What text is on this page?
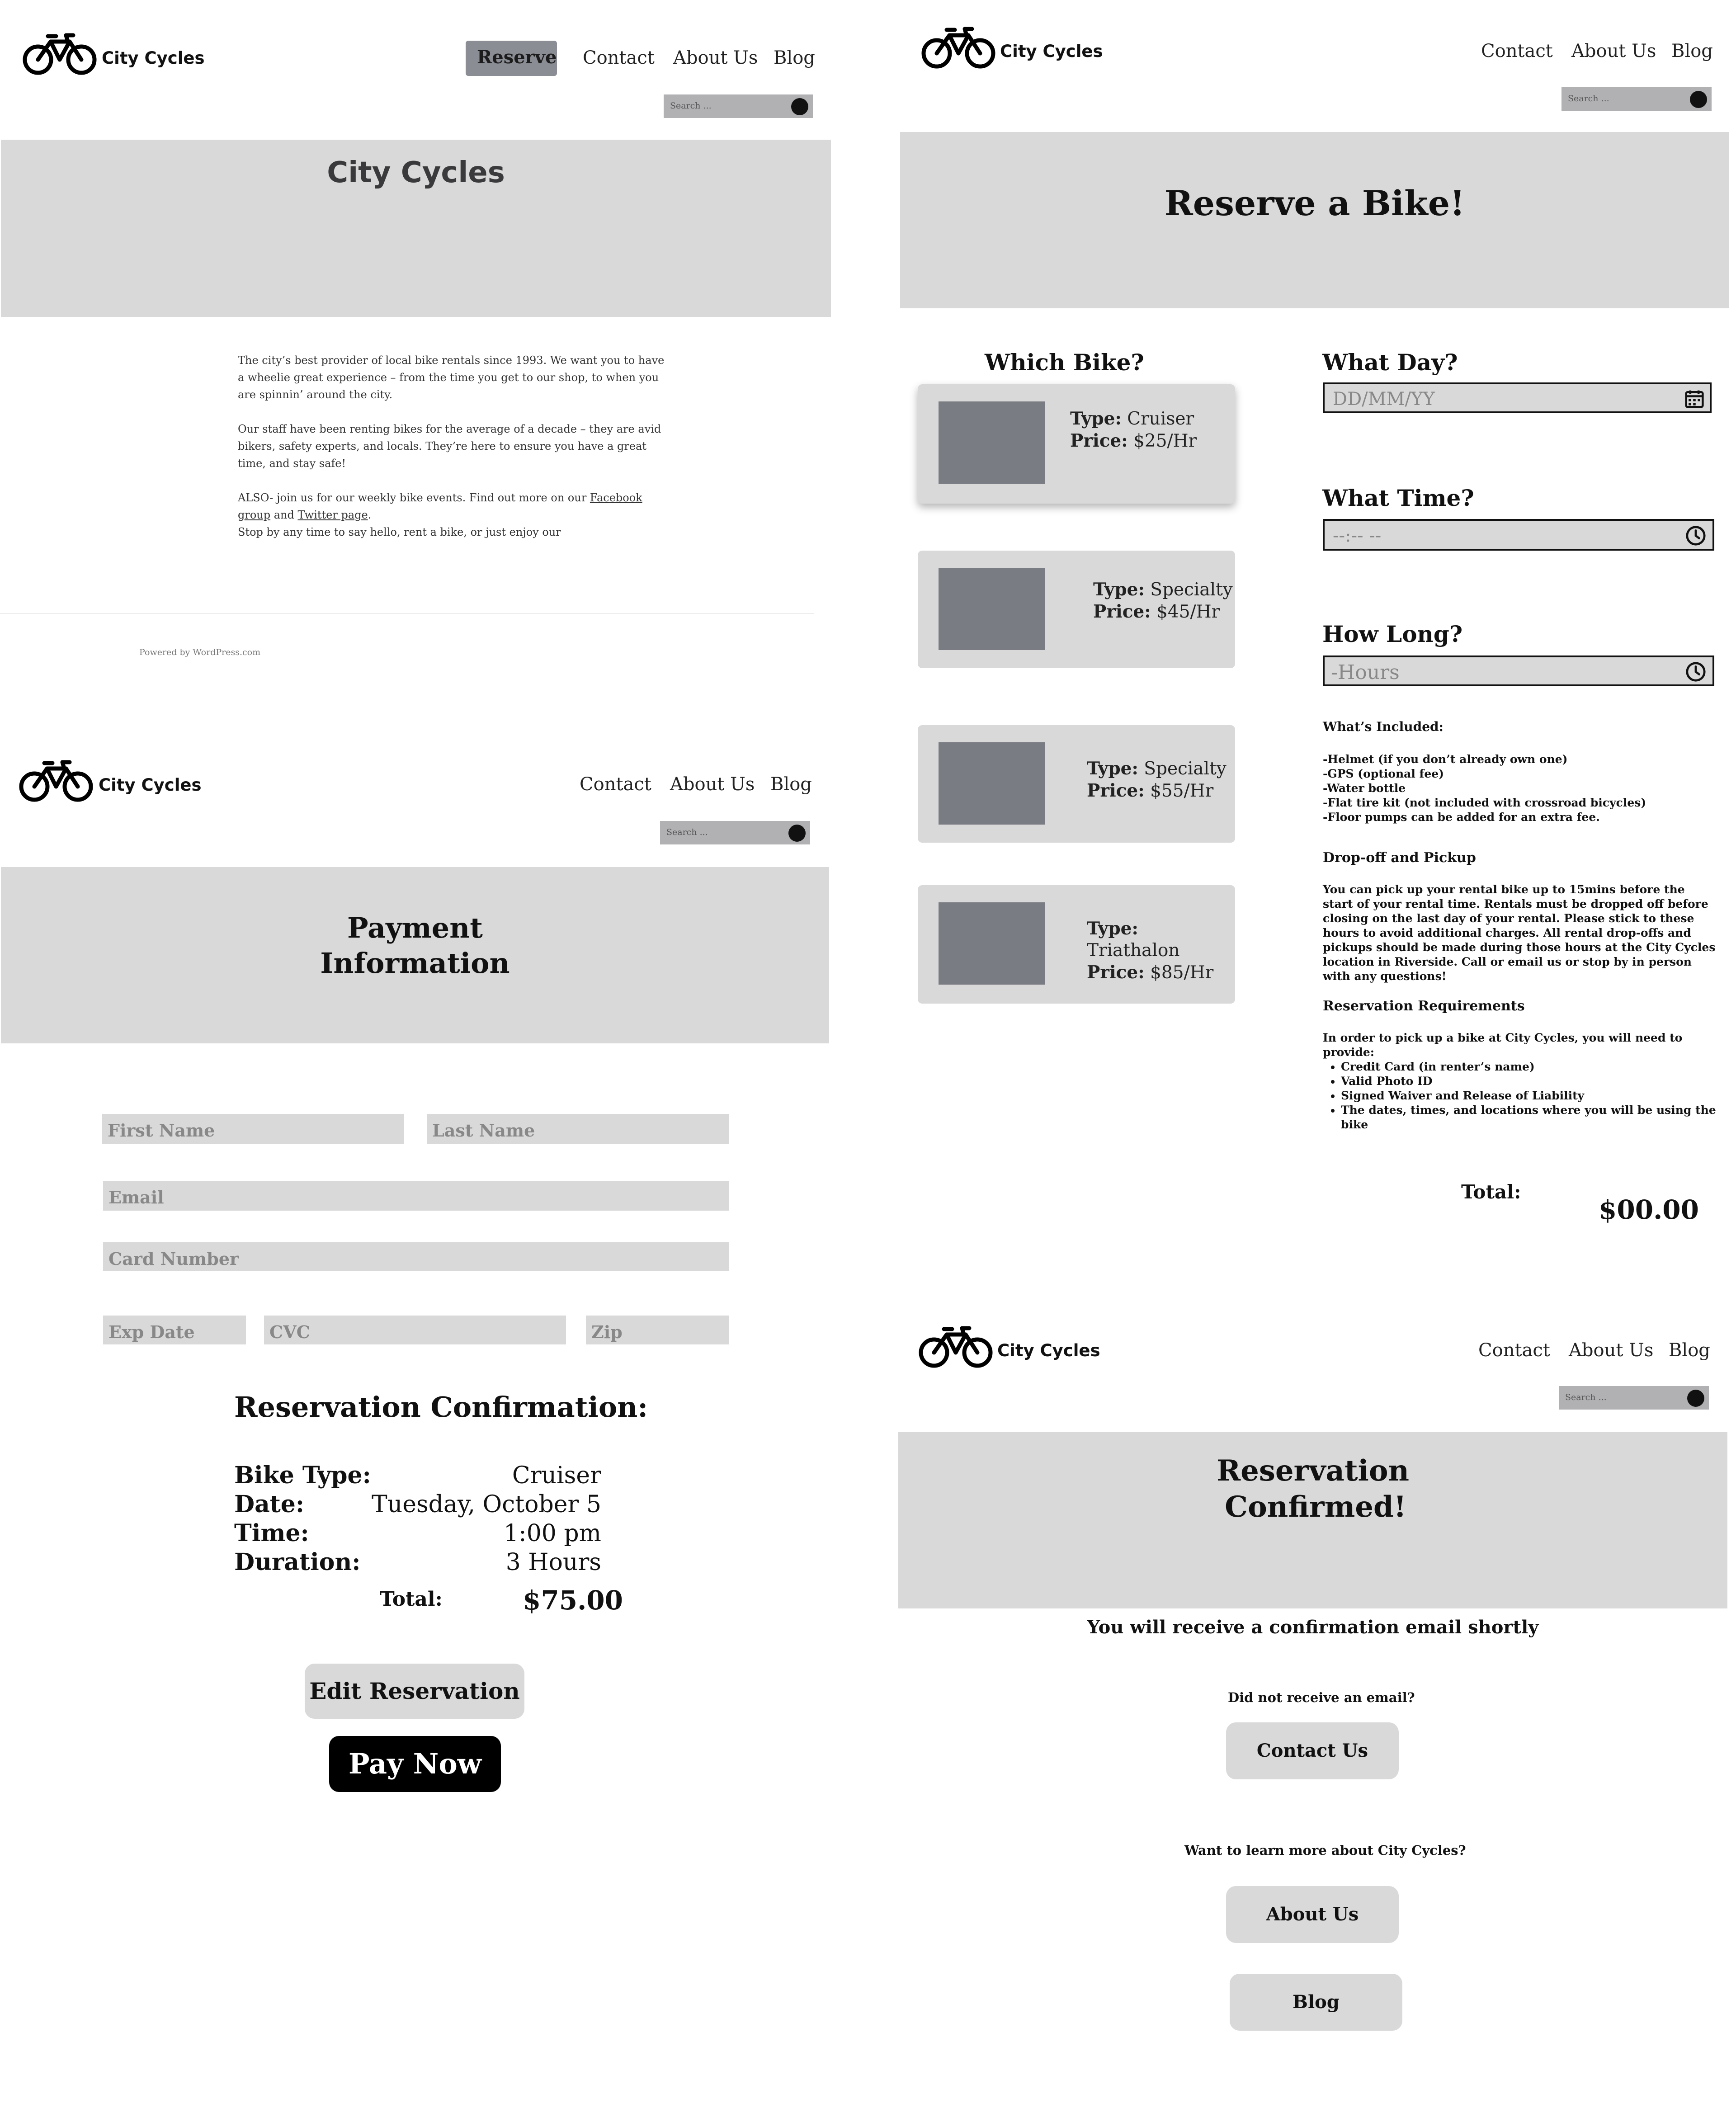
City Cycles	Reserve Contact About Us Blog
Search ...
City Cycles

The city’s best provider of local bike rentals since 1993. We want you to have a wheelie great experience – from the time you get to our shop, to when you are spinnin’ around the city.

Our staff have been renting bikes for the average of a decade – they are avid bikers, safety experts, and locals. They’re here to ensure you have a great time, and stay safe!

ALSO- join us for our weekly bike events. Find out more on our Facebook group and Twitter page.

Stop by any time to say hello, rent a bike, or just enjoy our

Powered by WordPress.com
City Cycles	Contact About Us Blog
Search ...
Reserve a Bike!
Which Bike?
Type: Cruiser
Price: $25/Hr
Type: Specialty
Price: $45/Hr
Type: Specialty
Price: $55/Hr
Type: Triathalon
Price: $85/Hr
What Day?
DD/MM/YY
What Time?
--:-- --
How Long?
-Hours
What’s Included:
-Helmet (if you don’t already own one)
-GPS (optional fee)
-Water bottle
-Flat tire kit (not included with crossroad bicycles)
-Floor pumps can be added for an extra fee.
Drop-off and Pickup
You can pick up your rental bike up to 15mins before the start of your rental time. Rentals must be dropped off before closing on the last day of your rental. Please stick to these hours to avoid additional charges. All rental drop-offs and pickups should be made during those hours at the City Cycles location in Riverside. Call or email us or stop by in person with any questions!
Reservation Requirements
In order to pick up a bike at City Cycles, you will need to provide:
• Credit Card (in renter’s name)
• Valid Photo ID
• Signed Waiver and Release of Liability
• The dates, times, and locations where you will be using the bike
Total:
$00.00
City Cycles	Contact About Us Blog
Search ...
Payment Information
First Name	Last Name
Email
Card Number
Exp Date	CVC	Zip
Reservation Confirmation:
Bike Type:	Cruiser
Date:	Tuesday, October 5
Time:	1:00 pm
Duration:	3 Hours
Total:	$75.00
Edit Reservation
Pay Now
City Cycles	Contact About Us Blog
Search ...
Reservation
Confirmed!
You will receive a confirmation email shortly
Did not receive an email?
Contact Us
Want to learn more about City Cycles?
About Us
Blog
